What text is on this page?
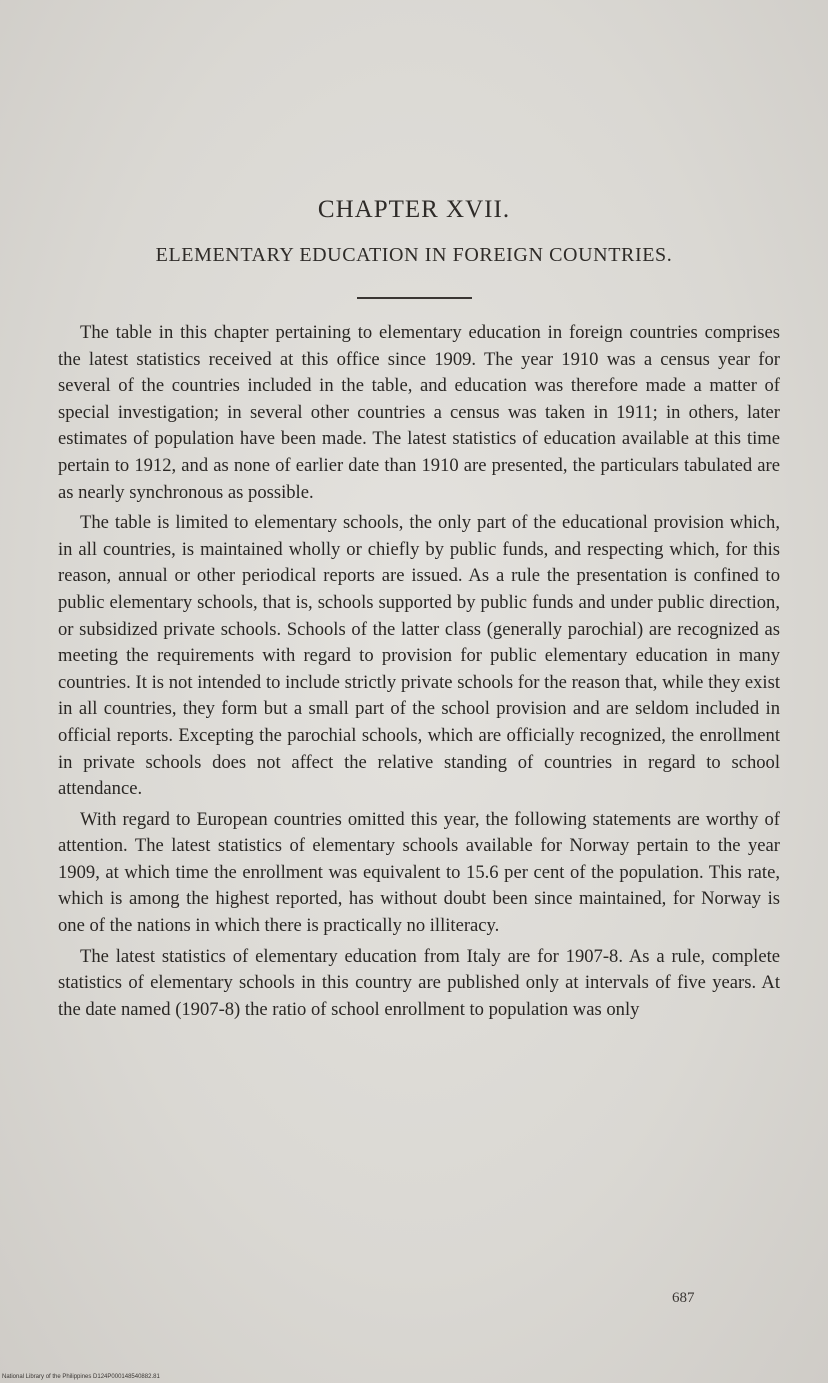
CHAPTER XVII.
ELEMENTARY EDUCATION IN FOREIGN COUNTRIES.

The table in this chapter pertaining to elementary education in foreign countries comprises the latest statistics received at this office since 1909. The year 1910 was a census year for several of the countries included in the table, and education was therefore made a matter of special investigation; in several other countries a census was taken in 1911; in others, later estimates of population have been made. The latest statistics of education available at this time pertain to 1912, and as none of earlier date than 1910 are presented, the particulars tabulated are as nearly synchronous as possible.

The table is limited to elementary schools, the only part of the educational provision which, in all countries, is maintained wholly or chiefly by public funds, and respecting which, for this reason, annual or other periodical reports are issued. As a rule the presentation is confined to public elementary schools, that is, schools supported by public funds and under public direction, or subsidized private schools. Schools of the latter class (generally parochial) are recognized as meeting the requirements with regard to provision for public elementary education in many countries. It is not intended to include strictly private schools for the reason that, while they exist in all countries, they form but a small part of the school provision and are seldom included in official reports. Excepting the parochial schools, which are officially recognized, the enrollment in private schools does not affect the relative standing of countries in regard to school attendance.

With regard to European countries omitted this year, the following statements are worthy of attention. The latest statistics of elementary schools available for Norway pertain to the year 1909, at which time the enrollment was equivalent to 15.6 per cent of the population. This rate, which is among the highest reported, has without doubt been since maintained, for Norway is one of the nations in which there is practically no illiteracy.

The latest statistics of elementary education from Italy are for 1907-8. As a rule, complete statistics of elementary schools in this country are published only at intervals of five years. At the date named (1907-8) the ratio of school enrollment to population was only

687
National Library of the Philippines D124P000148540882.81
